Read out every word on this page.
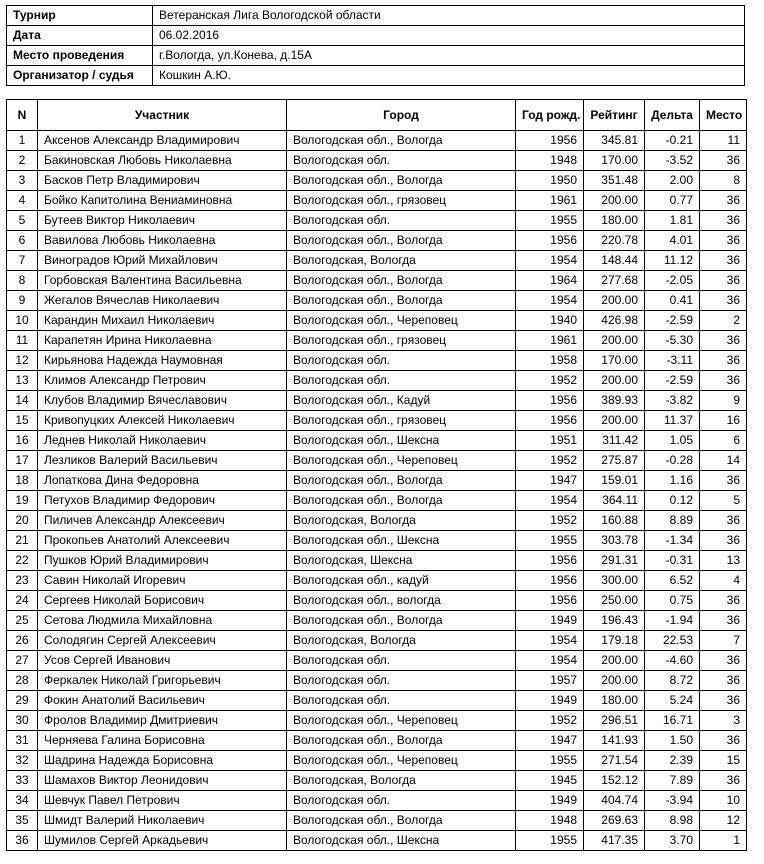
Турнир	Ветеранская Лига Вологодской области
Дата	06.02.2016
Место проведения	г.Вологда, ул.Конева, д.15А
Организатор / судья	Кошкин А.Ю.
N	Участник	Город	Год рожд.	Рейтинг	Дельта	Место
1	Аксенов Александр Владимирович	Вологодская обл., Вологда	1956	345.81	-0.21	11
2	Бакиновская Любовь Николаевна	Вологодская обл.	1948	170.00	-3.52	36
3	Басков Петр Владимирович	Вологодская обл., Вологда	1950	351.48	2.00	8
4	Бойко Капитолина Вениаминовна	Вологодская обл., грязовец	1961	200.00	0.77	36
5	Бутеев Виктор Николаевич	Вологодская обл.	1955	180.00	1.81	36
6	Вавилова Любовь Николаевна	Вологодская обл., Вологда	1956	220.78	4.01	36
7	Виноградов Юрий Михайлович	Вологодская, Вологда	1954	148.44	11.12	36
8	Горбовская Валентина Васильевна	Вологодская обл., Вологда	1964	277.68	-2.05	36
9	Жегалов Вячеслав Николаевич	Вологодская обл., Вологда	1954	200.00	0.41	36
10	Карандин Михаил Николаевич	Вологодская обл., Череповец	1940	426.98	-2.59	2
11	Карапетян Ирина Николаевна	Вологодская обл., грязовец	1961	200.00	-5.30	36
12	Кирьянова Надежда Наумовная	Вологодская обл.	1958	170.00	-3.11	36
13	Климов Александр Петрович	Вологодская обл.	1952	200.00	-2.59	36
14	Клубов Владимир Вячеславович	Вологодская обл., Кадуй	1956	389.93	-3.82	9
15	Кривопуцких Алексей Николаевич	Вологодская обл., грязовец	1956	200.00	11.37	16
16	Леднев Николай Николаевич	Вологодская обл., Шексна	1951	311.42	1.05	6
17	Лезликов Валерий Васильевич	Вологодская обл., Череповец	1952	275.87	-0.28	14
18	Лопаткова Дина Федоровна	Вологодская обл., Вологда	1947	159.01	1.16	36
19	Петухов Владимир Федорович	Вологодская обл., Вологда	1954	364.11	0.12	5
20	Пиличев Александр Алексеевич	Вологодская, Вологда	1952	160.88	8.89	36
21	Прокопьев Анатолий Алексеевич	Вологодская обл., Шексна	1955	303.78	-1.34	36
22	Пушков Юрий Владимирович	Вологодская, Шексна	1956	291.31	-0.31	13
23	Савин Николай Игоревич	Вологодская обл., кадуй	1956	300.00	6.52	4
24	Сергеев Николай Борисович	Вологодская обл., вологда	1956	250.00	0.75	36
25	Сетова Людмила Михайловна	Вологодская обл., Вологда	1949	196.43	-1.94	36
26	Солодягин Сергей Алексеевич	Вологодская, Вологда	1954	179.18	22.53	7
27	Усов Сергей Иванович	Вологодская обл.	1954	200.00	-4.60	36
28	Феркалек Николай Григорьевич	Вологодская обл.	1957	200.00	8.72	36
29	Фокин Анатолий Васильевич	Вологодская обл.	1949	180.00	5.24	36
30	Фролов Владимир Дмитриевич	Вологодская обл., Череповец	1952	296.51	16.71	3
31	Черняева Галина Борисовна	Вологодская обл., Вологда	1947	141.93	1.50	36
32	Шадрина Надежда Борисовна	Вологодская обл., Череповец	1955	271.54	2.39	15
33	Шамахов Виктор Леонидович	Вологодская, Вологда	1945	152.12	7.89	36
34	Шевчук Павел Петрович	Вологодская обл.	1949	404.74	-3.94	10
35	Шмидт Валерий Николаевич	Вологодская обл., Вологда	1948	269.63	8.98	12
36	Шумилов Сергей Аркадьевич	Вологодская обл., Шексна	1955	417.35	3.70	1
